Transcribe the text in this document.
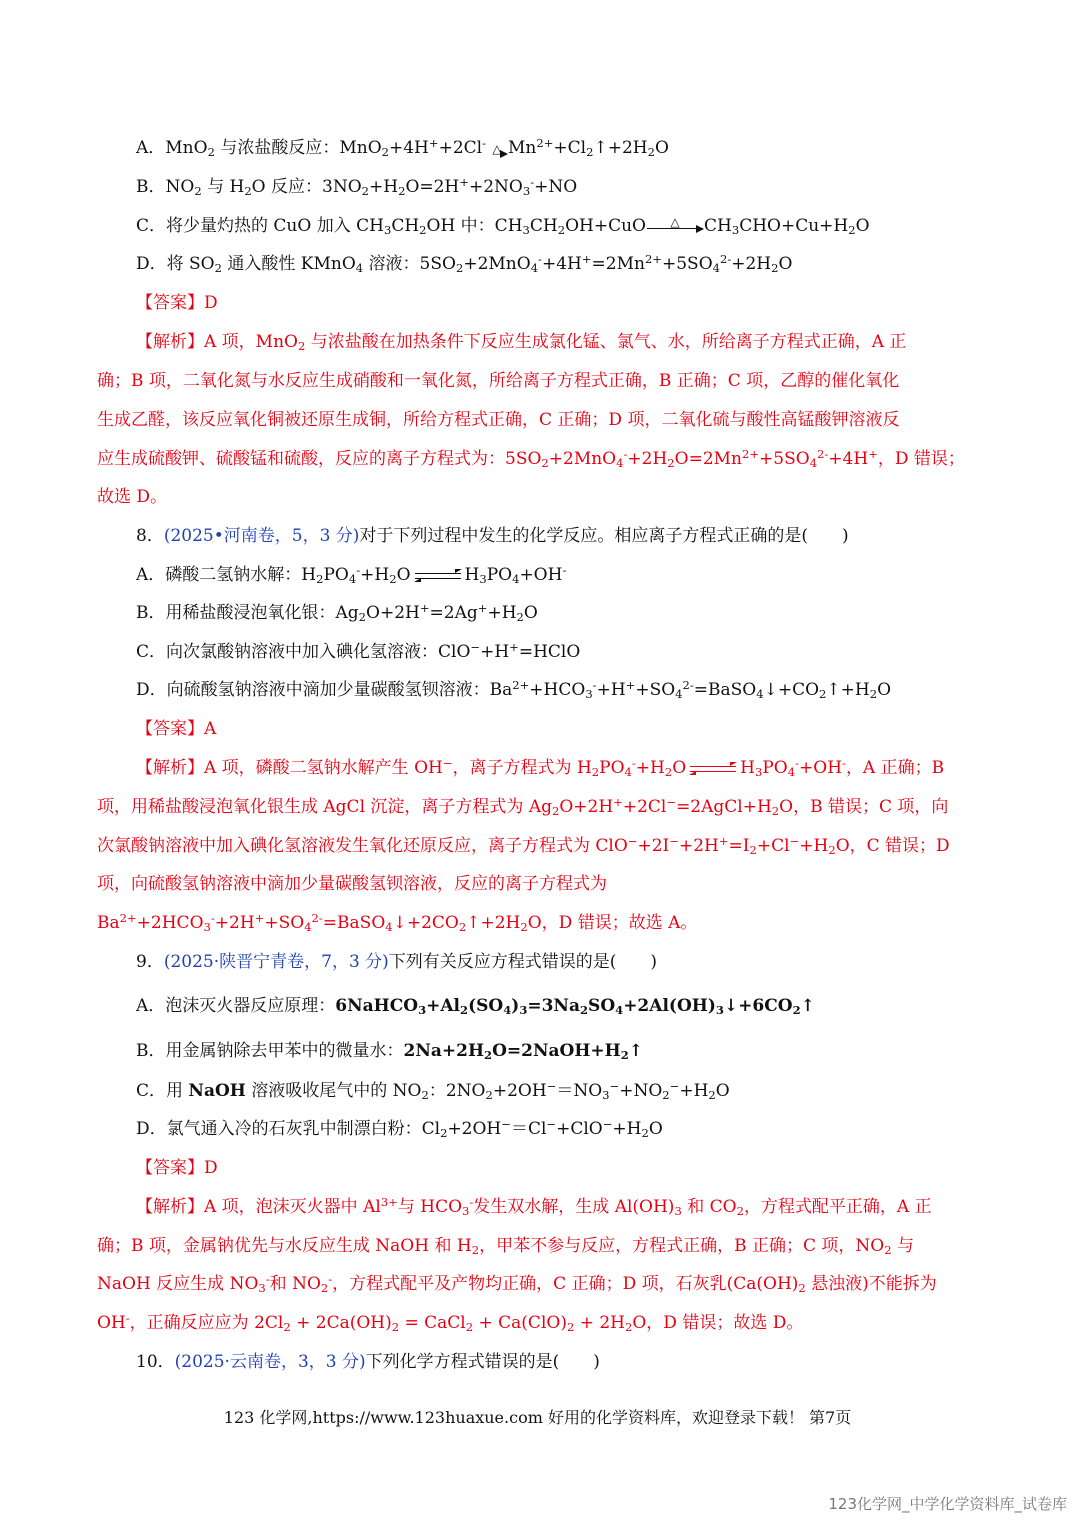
A．MnO$_2$ 与浓盐酸反应：MnO$_2$+4H++2Cl- △ $Mn^{2+}+Cl_2↑+2H_2O$
B．$NO_2$ 与 $H_2O$ 反应：$3NO_2+H_2O=2H^++2NO_3^-+NO$
C．将少量灼热的 CuO 加入 $CH_3CH_2OH$ 中：$CH_3CH_2OH+CuO$	△	$CH_3CHO+Cu+H_2O$
D．将 $SO_2$ 通入酸性 KMnO$_4$ 溶液：$5SO_2+2MnO_4^-+4H^+=2Mn^{2+}+5SO_4^{2-}+2H_2O$
【答案】D
【解析】A 项，MnO$_2$ 与浓盐酸在加热条件下反应生成氯化锰、氯气、水，所给离子方程式正确，A 正
确；B 项，二氧化氮与水反应生成硝酸和一氧化氮，所给离子方程式正确，B 正确；C 项，乙醇的催化氧化
生成乙醛，该反应氧化铜被还原生成铜，所给方程式正确，C 正确；D 项，二氧化硫与酸性高锰酸钾溶液反
应生成硫酸钾、硫酸锰和硫酸，反应的离子方程式为：$5SO_2+2MnO_4^-+2H_2O=2Mn^{2+}+5SO_4^{2-}+4H^+$，D 错误；
故选 D。
8．(2025•河南卷，5，3 分)对于下列过程中发生的化学反应。相应离子方程式正确的是(　　)
A．磷酸二氢钠水解：$H_2PO_4^-+H_2O$	$H_3PO_4+OH^-$
B．用稀盐酸浸泡氧化银：$Ag_2O+2H^+=2Ag^++H_2O$
C．向次氯酸钠溶液中加入碘化氢溶液：ClO−+H+=HClO
D．向硫酸氢钠溶液中滴加少量碳酸氢钡溶液：$Ba^{2+}+HCO_3^-+H^++SO_4^{2-}=BaSO_4↓+CO_2↑+H_2O$
【答案】A
【解析】A 项，磷酸二氢钠水解产生 OH−，离子方程式为 $H_2PO_4^-+H_2O$	$H_3PO_4^-+OH^-$，A 正确；B
项，用稀盐酸浸泡氧化银生成 AgCl 沉淀，离子方程式为 $Ag_2O+2H^++2Cl^-=2AgCl+H_2O$，B 错误；C 项，向
次氯酸钠溶液中加入碘化氢溶液发生氧化还原反应，离子方程式为 $ClO^-+2I^-+2H^+=I_2+Cl^-+H_2O$，C 错误；D
项，向硫酸氢钠溶液中滴加少量碳酸氢钡溶液，反应的离子方程式为
$Ba^{2+}+2HCO_3^-+2H^++SO_4^{2-}=BaSO_4↓+2CO_2↑+2H_2O$，D 错误；故选 A。
9．(2025·陕晋宁青卷，7，3 分)下列有关反应方程式错误的是(　　)
A．泡沫灭火器反应原理：$6NaHCO_3+Al_2(SO_4)_3=3Na_2SO_4+2Al(OH)_3↓+6CO_2↑$
B．用金属钠除去甲苯中的微量水：$2Na+2H_2O=2NaOH+H_2↑$
C．用 NaOH 溶液吸收尾气中的 $NO_2$：$2NO_2+2OH^-=NO_3^-+NO_2^-+H_2O$
D．氯气通入冷的石灰乳中制漂白粉：$Cl_2+2OH^-=Cl^-+ClO^-+H_2O$
【答案】D
【解析】A 项，泡沫灭火器中 $Al^{3+}$与 $HCO_3^-$发生双水解，生成 $Al(OH)_3$ 和 $CO_2$，方程式配平正确，A 正
确；B 项，金属钠优先与水反应生成 NaOH 和 $H_2$，甲苯不参与反应，方程式正确，B 正确；C 项，$NO_2$ 与
NaOH 反应生成 $NO_3^-$和 $NO_2^-$，方程式配平及产物均正确，C 正确；D 项，石灰乳($Ca(OH)_2$ 悬浊液)不能拆为
OH-，正确反应应为 $2Cl_2 + 2Ca(OH)_2$ = CaCl$_2$ + $Ca(ClO)_2 + 2H_2O$，D 错误；故选 D。
10．(2025·云南卷，3，3 分)下列化学方程式错误的是(　　)
123 化学网,https://www.123huaxue.com 好用的化学资料库，欢迎登录下载！ 第7页
123化学网_中学化学资料库_试卷库
